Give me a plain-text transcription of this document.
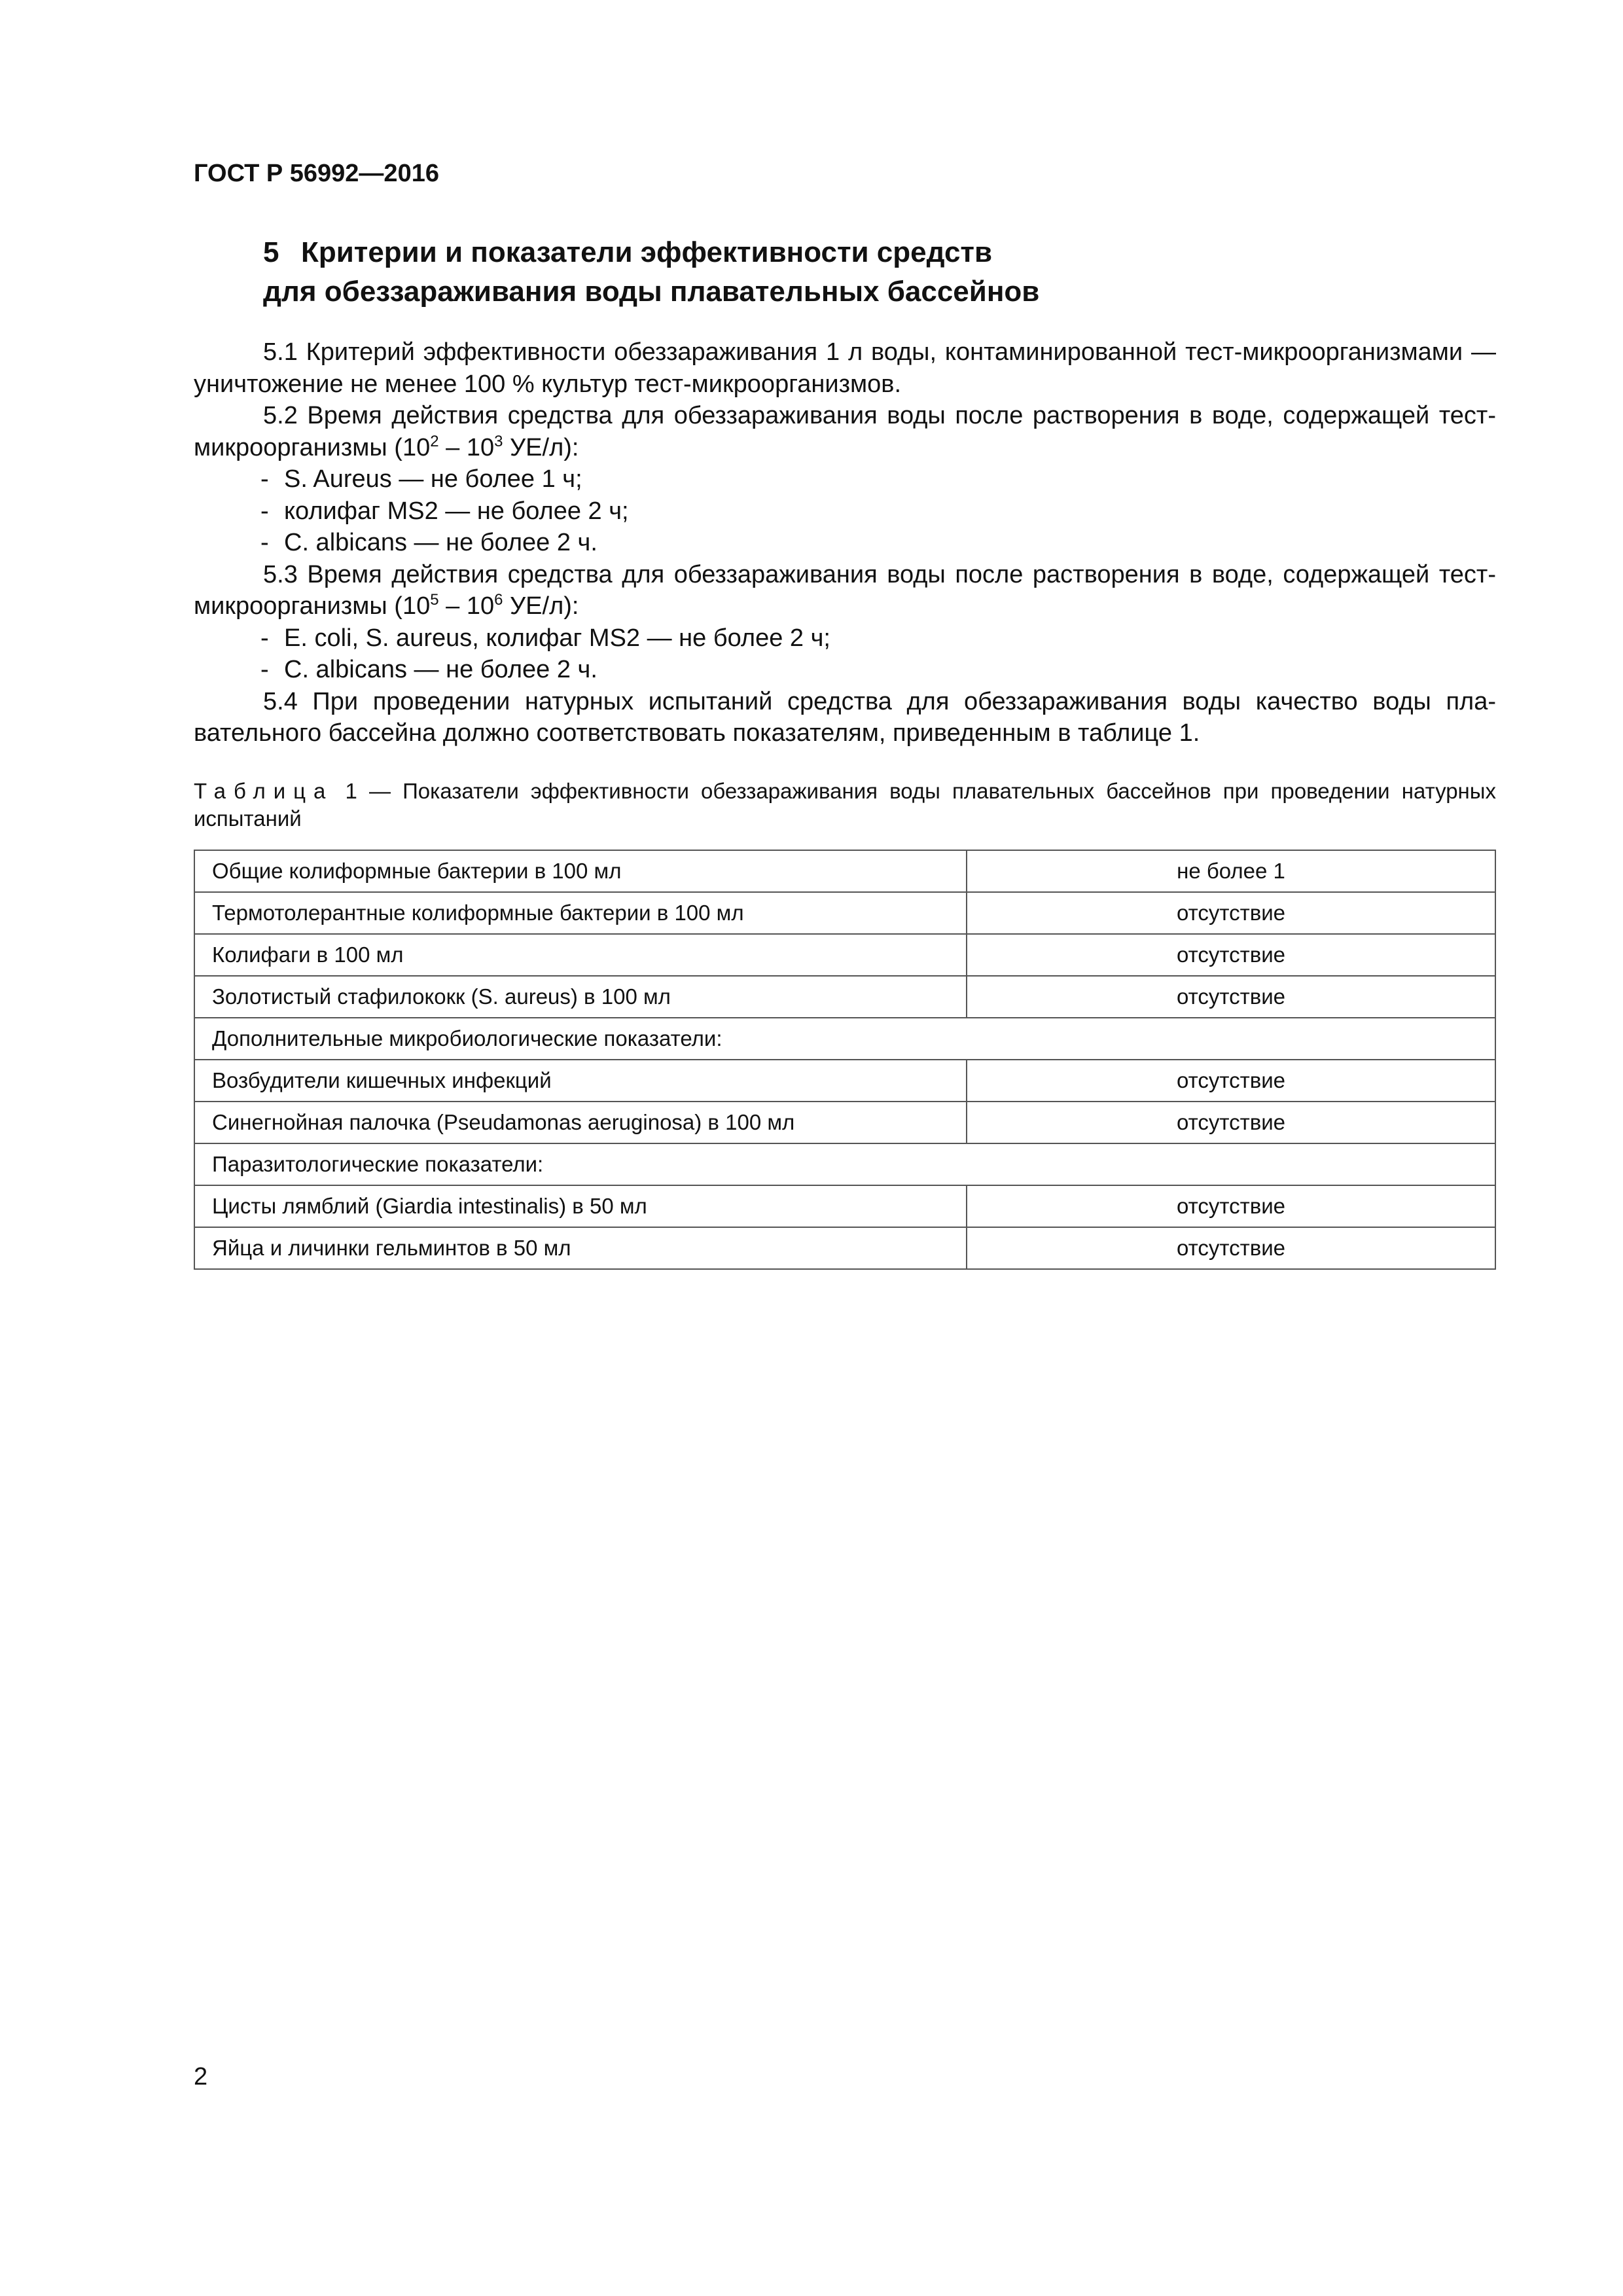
ГОСТ Р 56992—2016
5 Критерии и показатели эффективности средств
для обеззараживания воды плавательных бассейнов

5.1 Критерий эффективности обеззараживания 1 л воды, контаминированной тест-микроорганизмами — уничтожение не менее 100 % культур тест-микроорганизмов.

5.2 Время действия средства для обеззараживания воды после растворения в воде, содержащей тест-микроорганизмы ($10^2 - 10^3$ УЕ/л):

- S. Aureus — не более 1 ч;

- колифаг MS2 — не более 2 ч;

- C. albicans — не более 2 ч.

5.3 Время действия средства для обеззараживания воды после растворения в воде, содержащей тест-микроорганизмы ($10^5 - 10^6$ УЕ/л):

- E. coli, S. aureus, колифаг MS2 — не более 2 ч;

- C. albicans — не более 2 ч.

5.4 При проведении натурных испытаний средства для обеззараживания воды качество воды плавательного бассейна должно соответствовать показателям, приведенным в таблице 1.

Таблица 1 — Показатели эффективности обеззараживания воды плавательных бассейнов при проведении натурных испытаний
Общие колиформные бактерии в 100 мл	не более 1
Термотолерантные колиформные бактерии в 100 мл	отсутствие
Колифаги в 100 мл	отсутствие
Золотистый стафилококк (S. aureus) в 100 мл	отсутствие
Дополнительные микробиологические показатели:	
Возбудители кишечных инфекций	отсутствие
Синегнойная палочка (Pseudamonas aeruginosa) в 100 мл	отсутствие
Паразитологические показатели:	
Цисты лямблий (Giardia intestinalis) в 50 мл	отсутствие
Яйца и личинки гельминтов в 50 мл	отсутствие
2
